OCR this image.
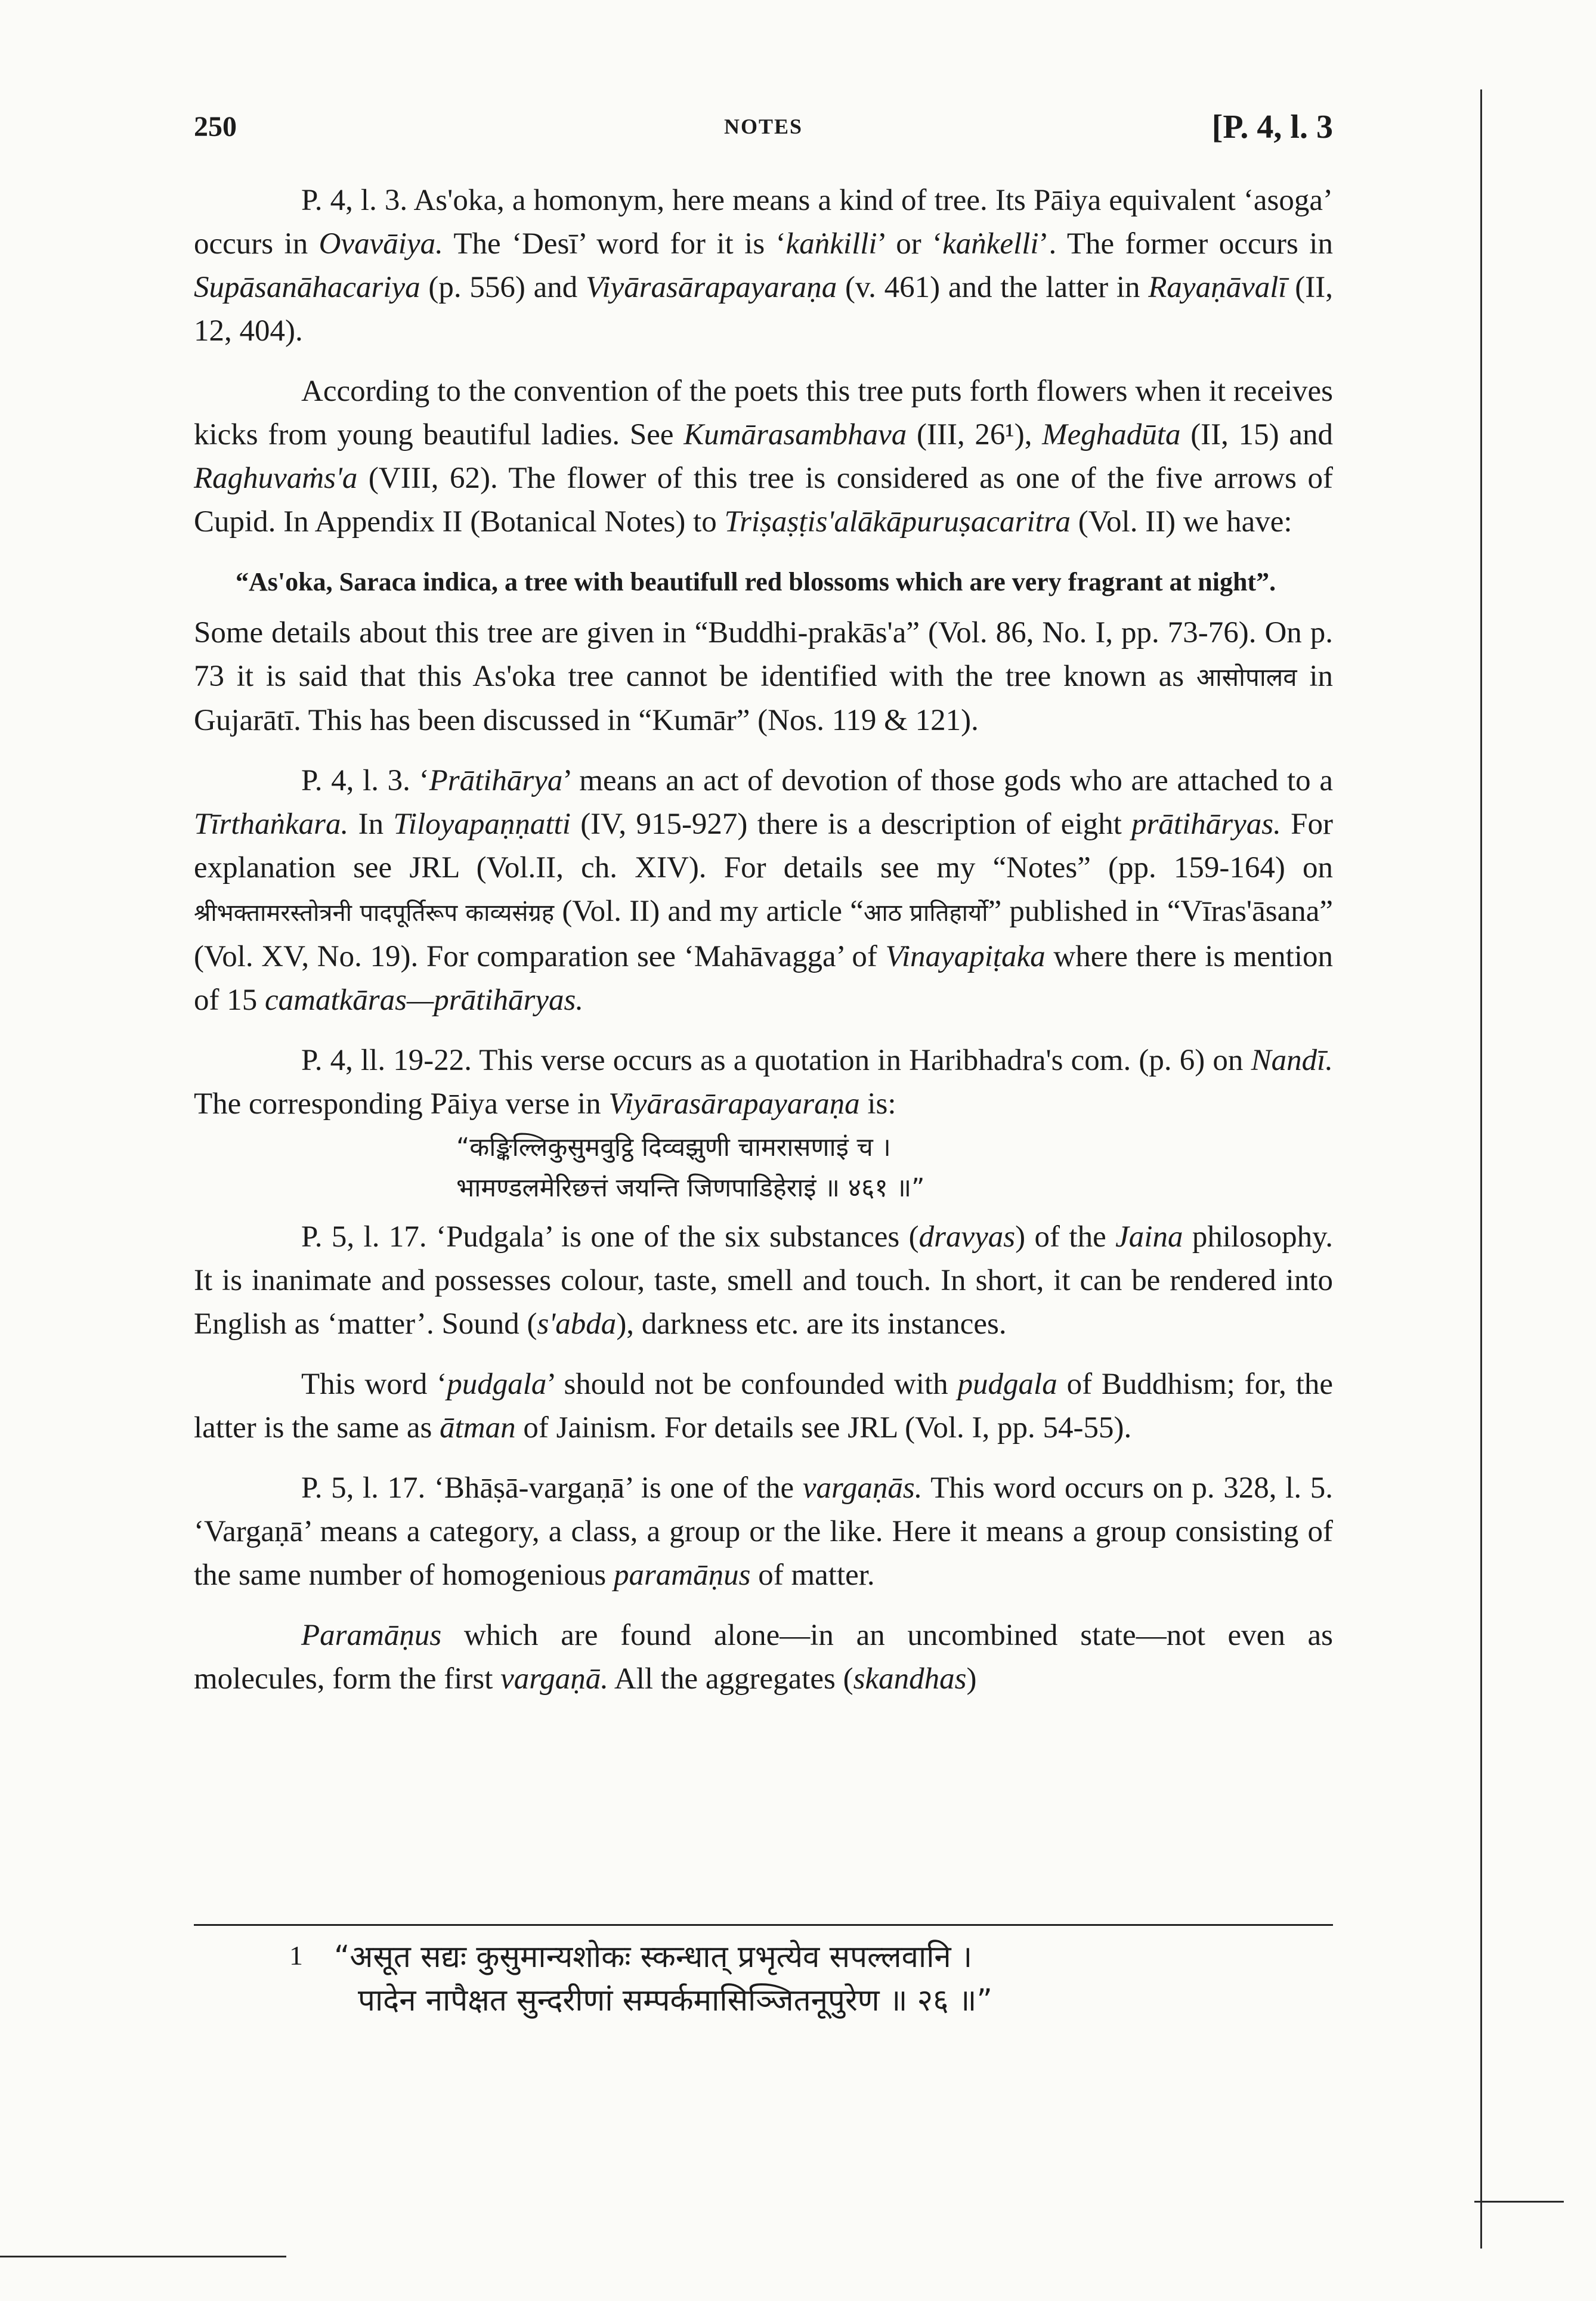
250	NOTES	[P. 4, l. 3

P. 4, l. 3. As'oka, a homonym, here means a kind of tree. Its Pāiya equivalent ‘asoga’ occurs in Ovavāiya. The ‘Desī’ word for it is ‘kaṅkilli’ or ‘kaṅkelli’. The former occurs in Supāsanāhacariya (p. 556) and Viyārasārapayaraṇa (v. 461) and the latter in Rayaṇāvalī (II, 12, 404).

According to the convention of the poets this tree puts forth flowers when it receives kicks from young beautiful ladies. See Kumārasambhava (III, 26¹), Meghadūta (II, 15) and Raghuvaṁs'a (VIII, 62). The flower of this tree is considered as one of the five arrows of Cupid. In Appendix II (Botanical Notes) to Triṣaṣṭis'alākāpuruṣacaritra (Vol. II) we have:

“As'oka, Saraca indica, a tree with beautifull red blossoms which are very fragrant at night”.

Some details about this tree are given in “Buddhi-prakās'a” (Vol. 86, No. I, pp. 73-76). On p. 73 it is said that this As'oka tree cannot be identified with the tree known as आसोपालव in Gujarātī. This has been discussed in “Kumār” (Nos. 119 & 121).

P. 4, l. 3. ‘Prātihārya’ means an act of devotion of those gods who are attached to a Tīrthaṅkara. In Tiloyapaṇṇatti (IV, 915-927) there is a description of eight prātihāryas. For explanation see JRL (Vol.II, ch. XIV). For details see my “Notes” (pp. 159-164) on श्रीभक्तामरस्तोत्रनी पादपूर्तिरूप काव्यसंग्रह (Vol. II) and my article “आठ प्रातिहार्यो” published in “Vīras'āsana” (Vol. XV, No. 19). For comparation see ‘Mahāvagga’ of Vinayapiṭaka where there is mention of 15 camatkāras—prātihāryas.

P. 4, ll. 19-22. This verse occurs as a quotation in Haribhadra's com. (p. 6) on Nandī. The corresponding Pāiya verse in Viyārasārapayaraṇa is:

“कङ्किल्लिकुसुमवुट्ठि दिव्वझुणी चामरासणाइं च ।

भामण्डलमेरिछत्तं जयन्ति जिणपाडिहेराइं ॥ ४६१ ॥”

P. 5, l. 17. ‘Pudgala’ is one of the six substances (dravyas) of the Jaina philosophy. It is inanimate and possesses colour, taste, smell and touch. In short, it can be rendered into English as ‘matter’. Sound (s'abda), darkness etc. are its instances.

This word ‘pudgala’ should not be confounded with pudgala of Buddhism; for, the latter is the same as ātman of Jainism. For details see JRL (Vol. I, pp. 54-55).

P. 5, l. 17. ‘Bhāṣā-vargaṇā’ is one of the vargaṇās. This word occurs on p. 328, l. 5. ‘Vargaṇā’ means a category, a class, a group or the like. Here it means a group consisting of the same number of homogenious paramāṇus of matter.

Paramāṇus which are found alone—in an uncombined state—not even as molecules, form the first vargaṇā. All the aggregates (skandhas)

1	“असूत सद्यः कुसुमान्यशोकः स्कन्धात् प्रभृत्येव सपल्लवानि ।

पादेन नापैक्षत सुन्दरीणां सम्पर्कमासिञ्जितनूपुरेण ॥ २६ ॥”
